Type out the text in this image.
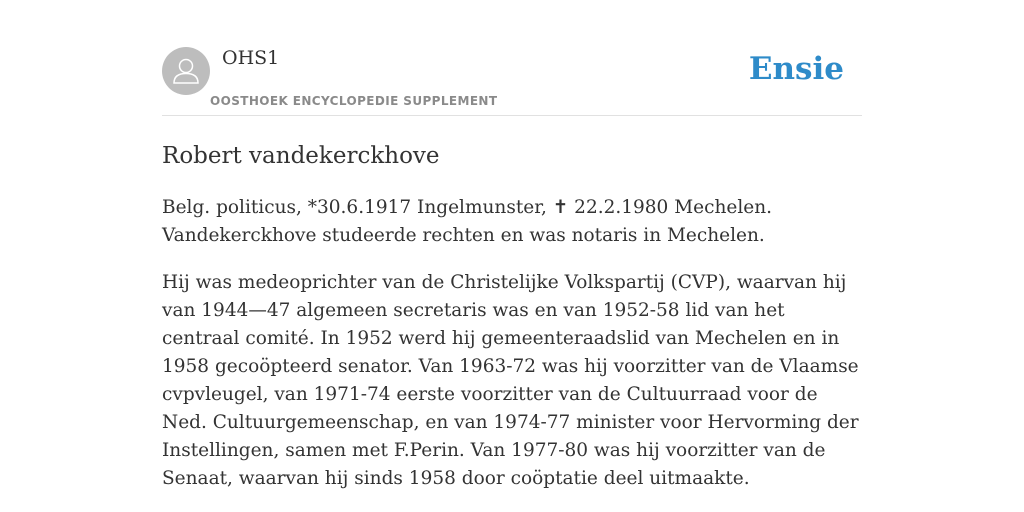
OHS1
OOSTHOEK ENCYCLOPEDIE SUPPLEMENT
Ensie
Robert vandekerckhove

Belg. politicus, *30.6.1917 Ingelmunster, ✝ 22.2.1980 Mechelen. Vandekerckhove studeerde rechten en was notaris in Mechelen.

Hij was medeoprichter van de Christelijke Volkspartij (CVP), waarvan hij van 1944—47 algemeen secretaris was en van 1952-58 lid van het centraal comité. In 1952 werd hij gemeenteraadslid van Mechelen en in 1958 gecoöpteerd senator. Van 1963-72 was hij voorzitter van de Vlaamse cvpvleugel, van 1971-74 eerste voorzitter van de Cultuurraad voor de Ned. Cultuurgemeenschap, en van 1974-77 minister voor Hervorming der Instellingen, samen met F.Perin. Van 1977-80 was hij voorzitter van de Senaat, waarvan hij sinds 1958 door coöptatie deel uitmaakte.
